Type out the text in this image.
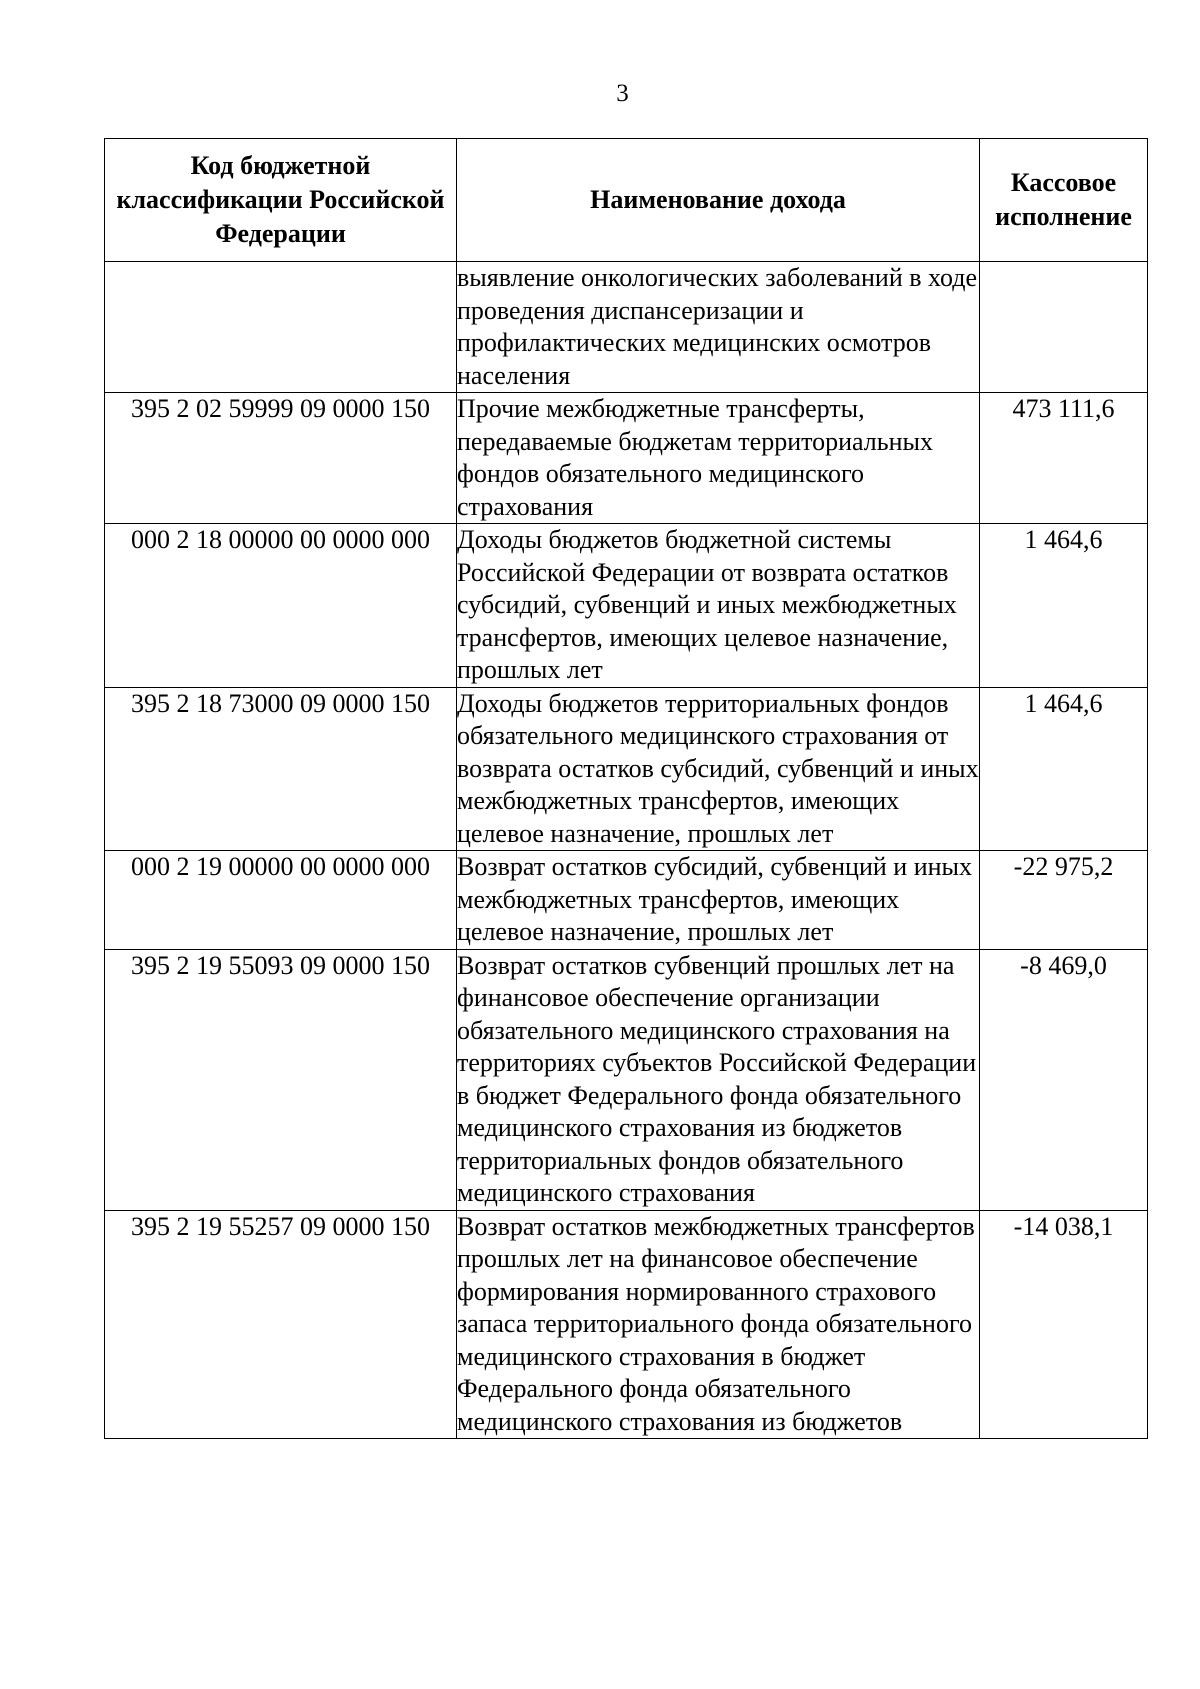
3
Код бюджетной классификации Российской Федерации	Наименование дохода	Кассовое исполнение
	выявление онкологических заболеваний в ходе проведения диспансеризации и профилактических медицинских осмотров населения	
395 2 02 59999 09 0000 150	Прочие межбюджетные трансферты, передаваемые бюджетам территориальных фондов обязательного медицинского страхования	473 111,6
000 2 18 00000 00 0000 000	Доходы бюджетов бюджетной системы Российской Федерации от возврата остатков субсидий, субвенций и иных межбюджетных трансфертов, имеющих целевое назначение, прошлых лет	1 464,6
395 2 18 73000 09 0000 150	Доходы бюджетов территориальных фондов обязательного медицинского страхования от возврата остатков субсидий, субвенций и иных межбюджетных трансфертов, имеющих целевое назначение, прошлых лет	1 464,6
000 2 19 00000 00 0000 000	Возврат остатков субсидий, субвенций и иных межбюджетных трансфертов, имеющих целевое назначение, прошлых лет	-22 975,2
395 2 19 55093 09 0000 150	Возврат остатков субвенций прошлых лет на финансовое обеспечение организации обязательного медицинского страхования на территориях субъектов Российской Федерации в бюджет Федерального фонда обязательного медицинского страхования из бюджетов территориальных фондов обязательного медицинского страхования	-8 469,0
395 2 19 55257 09 0000 150	Возврат остатков межбюджетных трансфертов прошлых лет на финансовое обеспечение формирования нормированного страхового запаса территориального фонда обязательного медицинского страхования в бюджет Федерального фонда обязательного медицинского страхования из бюджетов	-14 038,1
